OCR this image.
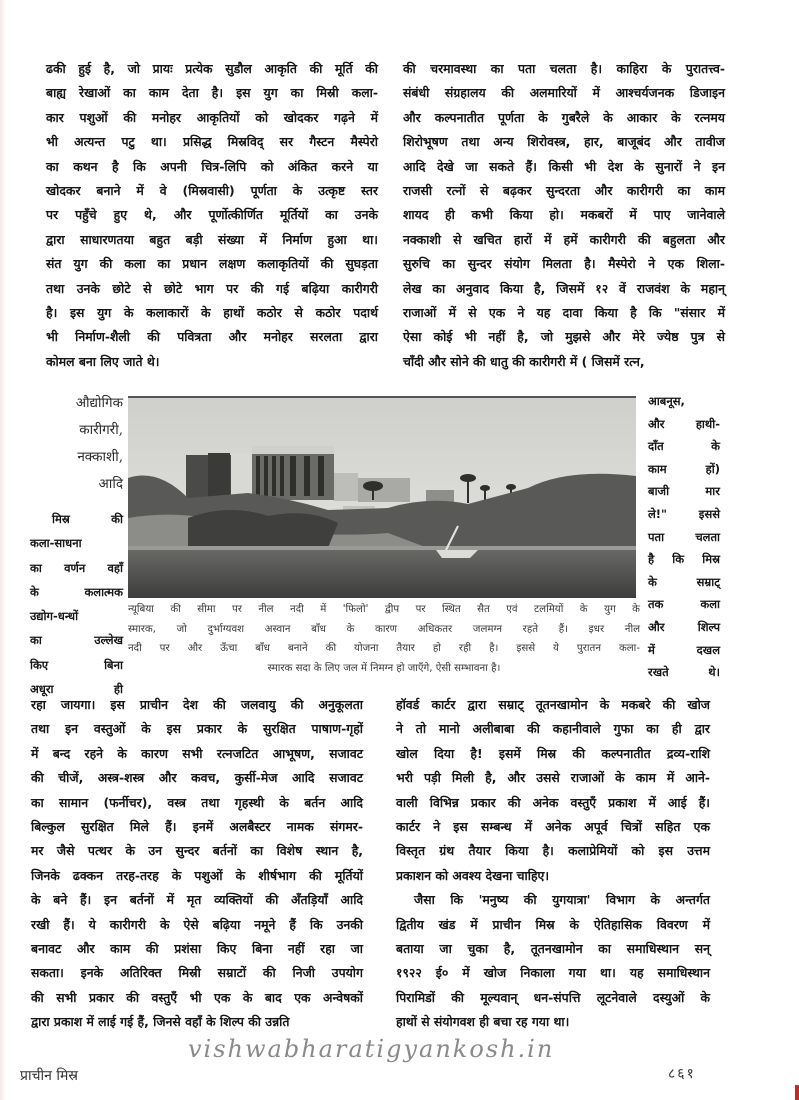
ढकी हुई है, जो प्रायः प्रत्येक सुडौल आकृति की मूर्ति की
बाह्य रेखाओं का काम देता है। इस युग का मिस्री कला-
कार पशुओं की मनोहर आकृतियों को खोदकर गढ़ने में
भी अत्यन्त पटु था। प्रसिद्ध मिस्रविद् सर गैस्टन मैस्पेरो
का कथन है कि अपनी चित्र-लिपि को अंकित करने या
खोदकर बनाने में वे (मिस्रवासी) पूर्णता के उत्कृष्ट स्तर
पर पहुँचे हुए थे, और पूर्णोत्कीर्णित मूर्तियों का उनके
द्वारा साधारणतया बहुत बड़ी संख्या में निर्माण हुआ था।
संत युग की कला का प्रधान लक्षण कलाकृतियों की सुघड़ता
तथा उनके छोटे से छोटे भाग पर की गई बढ़िया कारीगरी
है। इस युग के कलाकारों के हाथों कठोर से कठोर पदार्थ
भी निर्माण-शैली की पवित्रता और मनोहर सरलता द्वारा
कोमल बना लिए जाते थे।
की चरमावस्था का पता चलता है। काहिरा के पुरातत्त्व-
संबंधी संग्रहालय की अलमारियों में आश्चर्यजनक डिजाइन
और कल्पनातीत पूर्णता के गुबरैले के आकार के रत्नमय
शिरोभूषण तथा अन्य शिरोवस्त्र, हार, बाजूबंद और तावीज
आदि देखे जा सकते हैं। किसी भी देश के सुनारों ने इन
राजसी रत्नों से बढ़कर सुन्दरता और कारीगरी का काम
शायद ही कभी किया हो। मकबरों में पाए जानेवाले
नक्काशी से खचित हारों में हमें कारीगरी की बहुलता और
सुरुचि का सुन्दर संयोग मिलता है। मैस्पेरो ने एक शिला-
लेख का अनुवाद किया है, जिसमें १२ वें राजवंश के महान्
राजाओं में से एक ने यह दावा किया है कि "संसार में
ऐसा कोई भी नहीं है, जो मुझसे और मेरे ज्येष्ठ पुत्र से
चाँदी और सोने की धातु की कारीगरी में ( जिसमें रत्न,
औद्योगिक
कारीगरी,
नक्काशी,
आदि
मिस्र की
कला-साधना
का वर्णन वहाँ
के कलात्मक
उद्योग-धन्धों
का उल्लेख
किए बिना
अधूरा ही
आबनूस,
और हाथी-
दाँत के
काम हों)
बाजी मार
ले!" इससे
पता चलता
है कि मिस्र
के सम्राट्
तक कला
और शिल्प
में दखल
रखते थे।
न्यूबिया की सीमा पर नील नदी में 'फिलो' द्वीप पर स्थित सैत एवं टलमियों के युग के
स्मारक, जो दुर्भाग्यवश अस्वान बाँध के कारण अधिकतर जलमग्न रहते हैं। इधर नील
नदी पर और ऊँचा बाँध बनाने की योजना तैयार हो रही है। इससे ये पुरातन कला-
स्मारक सदा के लिए जल में निमग्न हो जाएँगे, ऐसी सम्भावना है।
रहा जायगा। इस प्राचीन देश की जलवायु की अनुकूलता
तथा इन वस्तुओं के इस प्रकार के सुरक्षित पाषाण-गृहों
में बन्द रहने के कारण सभी रत्नजटित आभूषण, सजावट
की चीजें, अस्त्र-शस्त्र और कवच, कुर्सी-मेज आदि सजावट
का सामान (फर्नीचर), वस्त्र तथा गृहस्थी के बर्तन आदि
बिल्कुल सुरक्षित मिले हैं। इनमें अलबैस्टर नामक संगमर-
मर जैसे पत्थर के उन सुन्दर बर्तनों का विशेष स्थान है,
जिनके ढक्कन तरह-तरह के पशुओं के शीर्षभाग की मूर्तियों
के बने हैं। इन बर्तनों में मृत व्यक्तियों की अँतड़ियाँ आदि
रखी हैं। ये कारीगरी के ऐसे बढ़िया नमूने हैं कि उनकी
बनावट और काम की प्रशंसा किए बिना नहीं रहा जा
सकता। इनके अतिरिक्त मिस्री सम्राटों की निजी उपयोग
की सभी प्रकार की वस्तुएँ भी एक के बाद एक अन्वेषकों
द्वारा प्रकाश में लाई गई हैं, जिनसे वहाँ के शिल्प की उन्नति
हॉवर्ड कार्टर द्वारा सम्राट् तूतनखामोन के मकबरे की खोज
ने तो मानो अलीबाबा की कहानीवाले गुफा का ही द्वार
खोल दिया है! इसमें मिस्र की कल्पनातीत द्रव्य-राशि
भरी पड़ी मिली है, और उससे राजाओं के काम में आने-
वाली विभिन्न प्रकार की अनेक वस्तुएँ प्रकाश में आई हैं।
कार्टर ने इस सम्बन्ध में अनेक अपूर्व चित्रों सहित एक
विस्तृत ग्रंथ तैयार किया है। कलाप्रेमियों को इस उत्तम
प्रकाशन को अवश्य देखना चाहिए।
जैसा कि 'मनुष्य की युगयात्रा' विभाग के अन्तर्गत
द्वितीय खंड में प्राचीन मिस्र के ऐतिहासिक विवरण में
बताया जा चुका है, तूतनखामोन का समाधिस्थान सन्
१९२२ ई० में खोज निकाला गया था। यह समाधिस्थान
पिरामिडों की मूल्यवान् धन-संपत्ति लूटनेवाले दस्युओं के
हाथों से संयोगवश ही बचा रह गया था।
vishwabharatigyankosh.in
प्राचीन मिस्र	८६१
